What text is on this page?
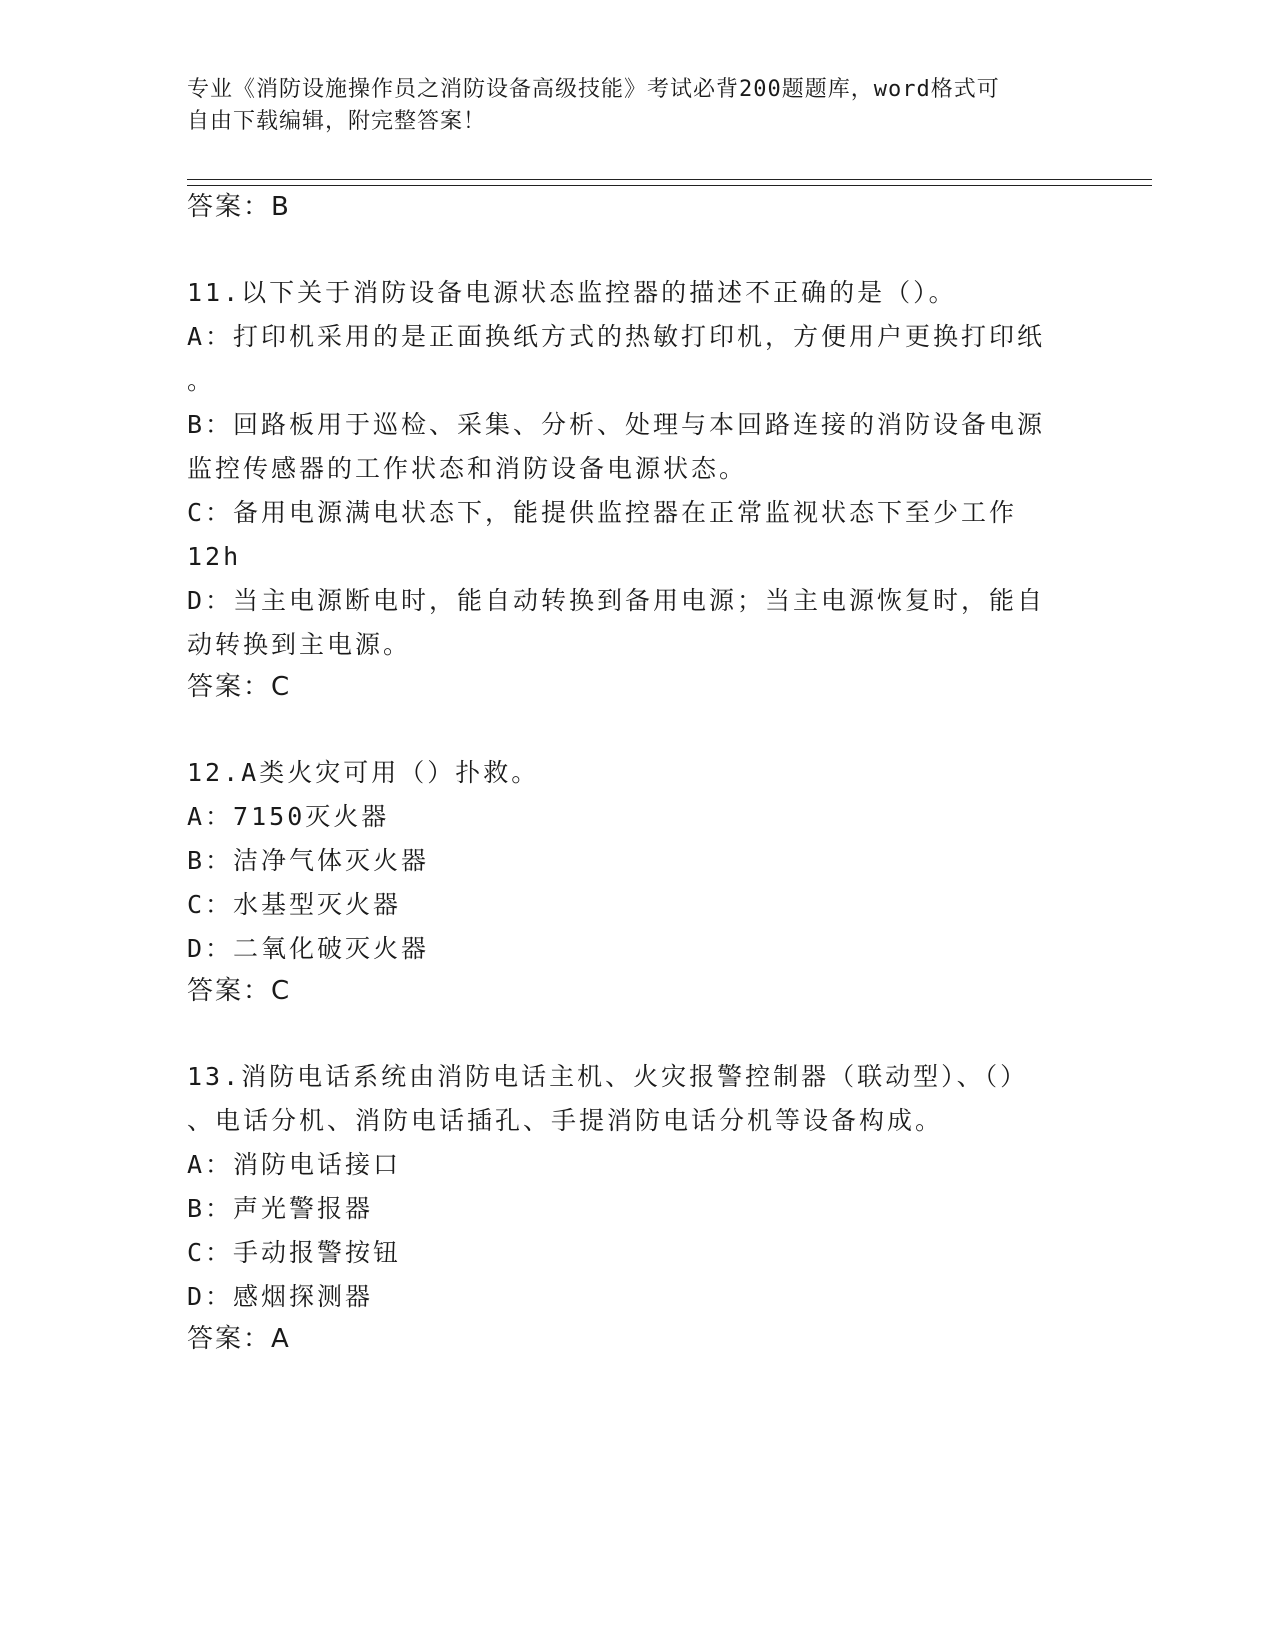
专业《消防设施操作员之消防设备高级技能》考试必背200题题库，word格式可
自由下载编辑，附完整答案！
答案：B
11.以下关于消防设备电源状态监控器的描述不正确的是（）。
A：打印机采用的是正面换纸方式的热敏打印机，方便用户更换打印纸
。
B：回路板用于巡检、采集、分析、处理与本回路连接的消防设备电源
监控传感器的工作状态和消防设备电源状态。
C：备用电源满电状态下，能提供监控器在正常监视状态下至少工作
12h
D：当主电源断电时，能自动转换到备用电源；当主电源恢复时，能自
动转换到主电源。
答案：C
12.A类火灾可用（）扑救。
A：7150灭火器
B：洁净气体灭火器
C：水基型灭火器
D：二氧化破灭火器
答案：C
13.消防电话系统由消防电话主机、火灾报警控制器（联动型）、（）
、电话分机、消防电话插孔、手提消防电话分机等设备构成。
A：消防电话接口
B：声光警报器
C：手动报警按钮
D：感烟探测器
答案：A
